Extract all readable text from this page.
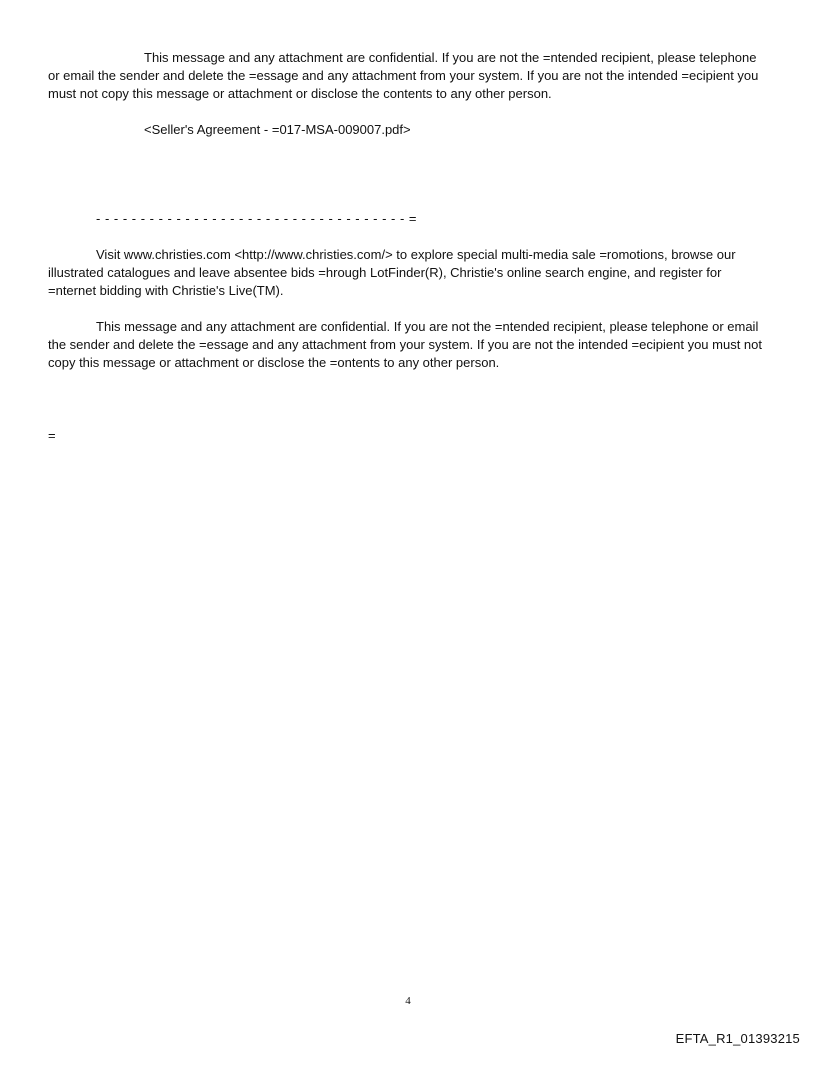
This message and any attachment are confidential. If you are not the =ntended recipient, please telephone or email the sender and delete the =essage and any attachment from your system. If you are not the intended =ecipient you must not copy this message or attachment or disclose the contents to any other person.

<Seller's Agreement - =017-MSA-009007.pdf>

- - - - - - - - - - - - - - - - - - - - - - - - - - - - - - - - - - - =

Visit www.christies.com <http://www.christies.com/> to explore special multi-media sale =romotions, browse our illustrated catalogues and leave absentee bids =hrough LotFinder(R), Christie's online search engine, and register for =nternet bidding with Christie's Live(TM).

This message and any attachment are confidential. If you are not the =ntended recipient, please telephone or email the sender and delete the =essage and any attachment from your system. If you are not the intended =ecipient you must not copy this message or attachment or disclose the =ontents to any other person.

=

4
EFTA_R1_01393215
